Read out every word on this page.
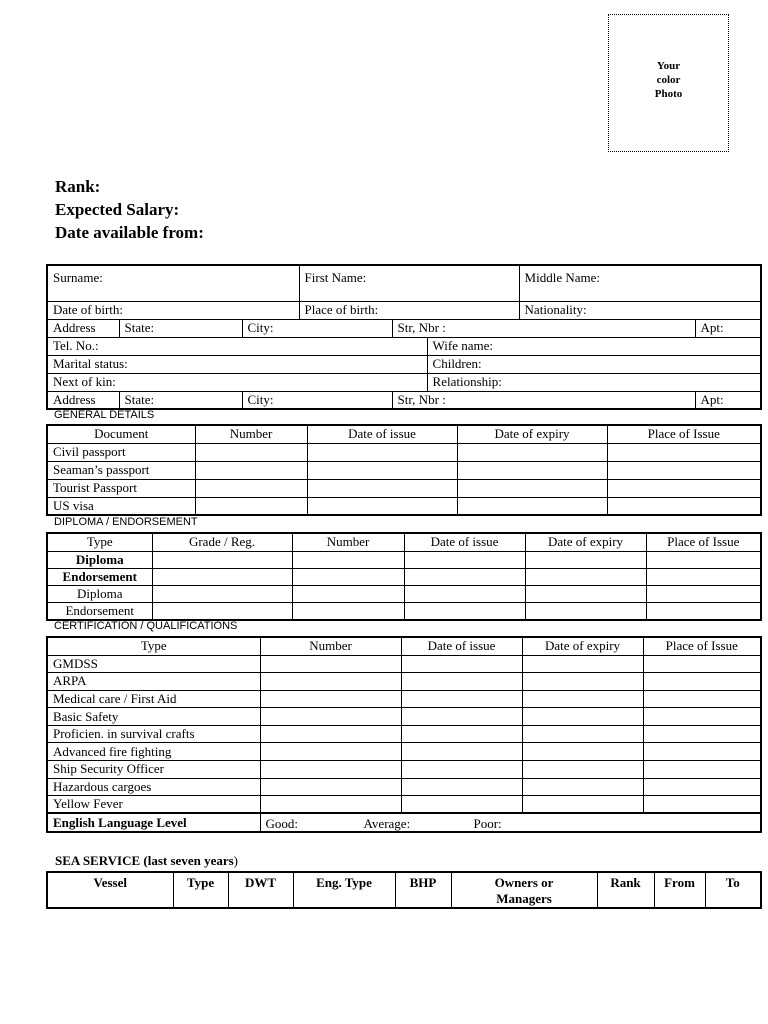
Your
color
Photo
Rank:
Expected Salary:
Date available from:
Surname:			First Name:			Middle Name:	
Date of birth:			Place of birth:			Nationality:	
Address	State:	City:		Str, Nbr :			Apt:
Tel. No.:					Wife name:		
Marital status:					Children:		
Next of kin:					Relationship:		
Address	State:	City:		Str, Nbr :			Apt:
GENERAL DETAILS
Document	Number	Date of issue	Date of expiry	Place of Issue
Civil passport				
Seaman’s passport				
Tourist Passport				
US visa				
DIPLOMA / ENDORSEMENT
Type	Grade / Reg.	Number	Date of issue	Date of expiry	Place of Issue
Diploma					
Endorsement					
Diploma					
Endorsement					
CERTIFICATION / QUALIFICATIONS
Type	Number	Date of issue	Date of expiry	Place of Issue
GMDSS				
ARPA				
Medical care / First Aid				
Basic Safety				
Proficien. in survival crafts				
Advanced fire fighting				
Ship Security Officer				
Hazardous cargoes				
Yellow Fever				
English Language Level	Good: Average: Poor:			
SEA SERVICE (last seven years)
Vessel	Type	DWT	Eng. Type	BHP	Owners or Managers	Rank	From	To
